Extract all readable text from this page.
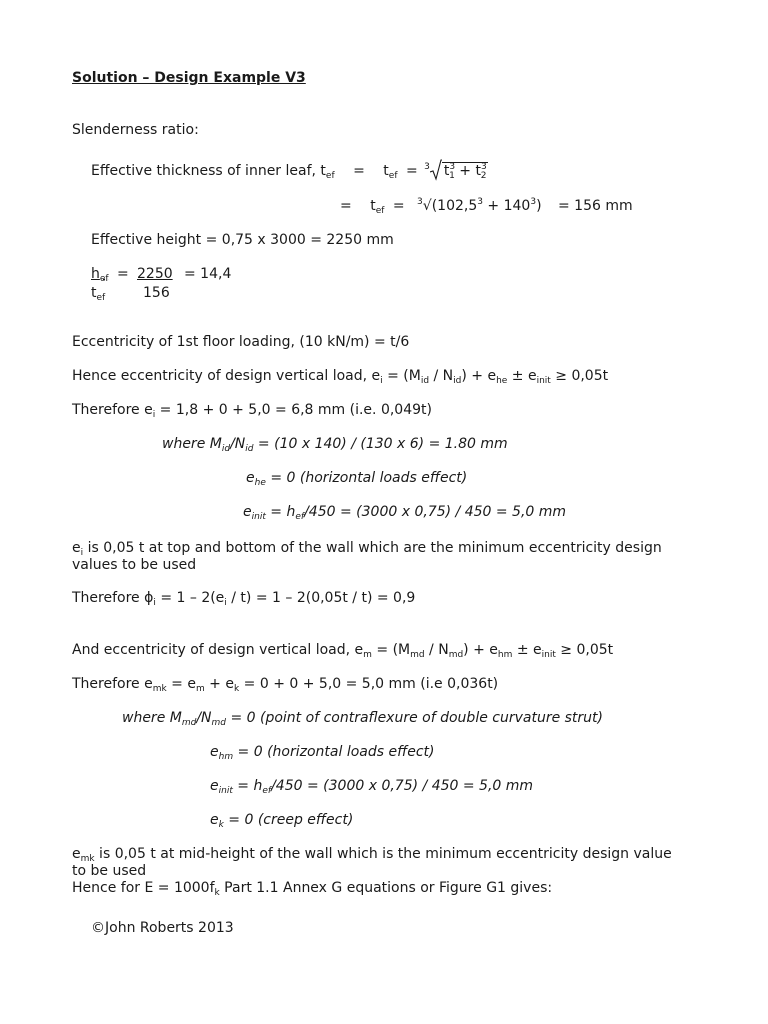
Solution – Design Example V3
Slenderness ratio:
Effective thickness of inner leaf, $t_{ef} = t_{ef} = ^3$ $t^3_1 + t^3_2$
= $t_{ef} = ^3√(102,5^3 + 140^3) = 156$ mm
Effective height = 0,75 x 3000 = 2250 mm
$h_{ef} = 2250 = 14,4$
$t_{ef}$	156
Eccentricity of 1st floor loading, (10 kN/m) = t/6
Hence eccentricity of design vertical load, $e_i = (M_{id} / N_{id}) + e_{he} \pm e_{init} \ge 0,05t$
Therefore $e_i = 1,8 + 0 + 5,0 = 6,8$ mm (i.e. 0,049t)
where $M_{id}/N_{id} = (10$ x 140) / (130 x 6) = 1.80 mm
$e_{he} = 0$ (horizontal loads effect)
$e_{init} = h_{ef}/450 = (3000$ x 0,75) / 450 = 5,0 mm
$e_i$ is 0,05 t at top and bottom of the wall which are the minimum eccentricity design
values to be used
Therefore $\phi_i = 1 - 2(e_i / t) = 1 - 2(0,05t / t) = 0,9$
And eccentricity of design vertical load, $e_m = (M_{md} / N_{md}) + e_{hm} \pm e_{init} \ge 0,05t$
Therefore $e_{mk} = e_m + e_k = 0 + 0 + 5,0 = 5,0$ mm (i.e 0,036t)
where $M_{md}/N_{md} = 0$ (point of contraflexure of double curvature strut)
$e_{hm} = 0$ (horizontal loads effect)
$e_{init} = h_{ef}/450 = (3000$ x 0,75) / 450 = 5,0 mm
$e_k = 0$ (creep effect)
$e_{mk}$ is 0,05 t at mid-height of the wall which is the minimum eccentricity design value
to be used
Hence for $E = 1000f_k$ Part 1.1 Annex G equations or Figure G1 gives:
©John Roberts 2013
